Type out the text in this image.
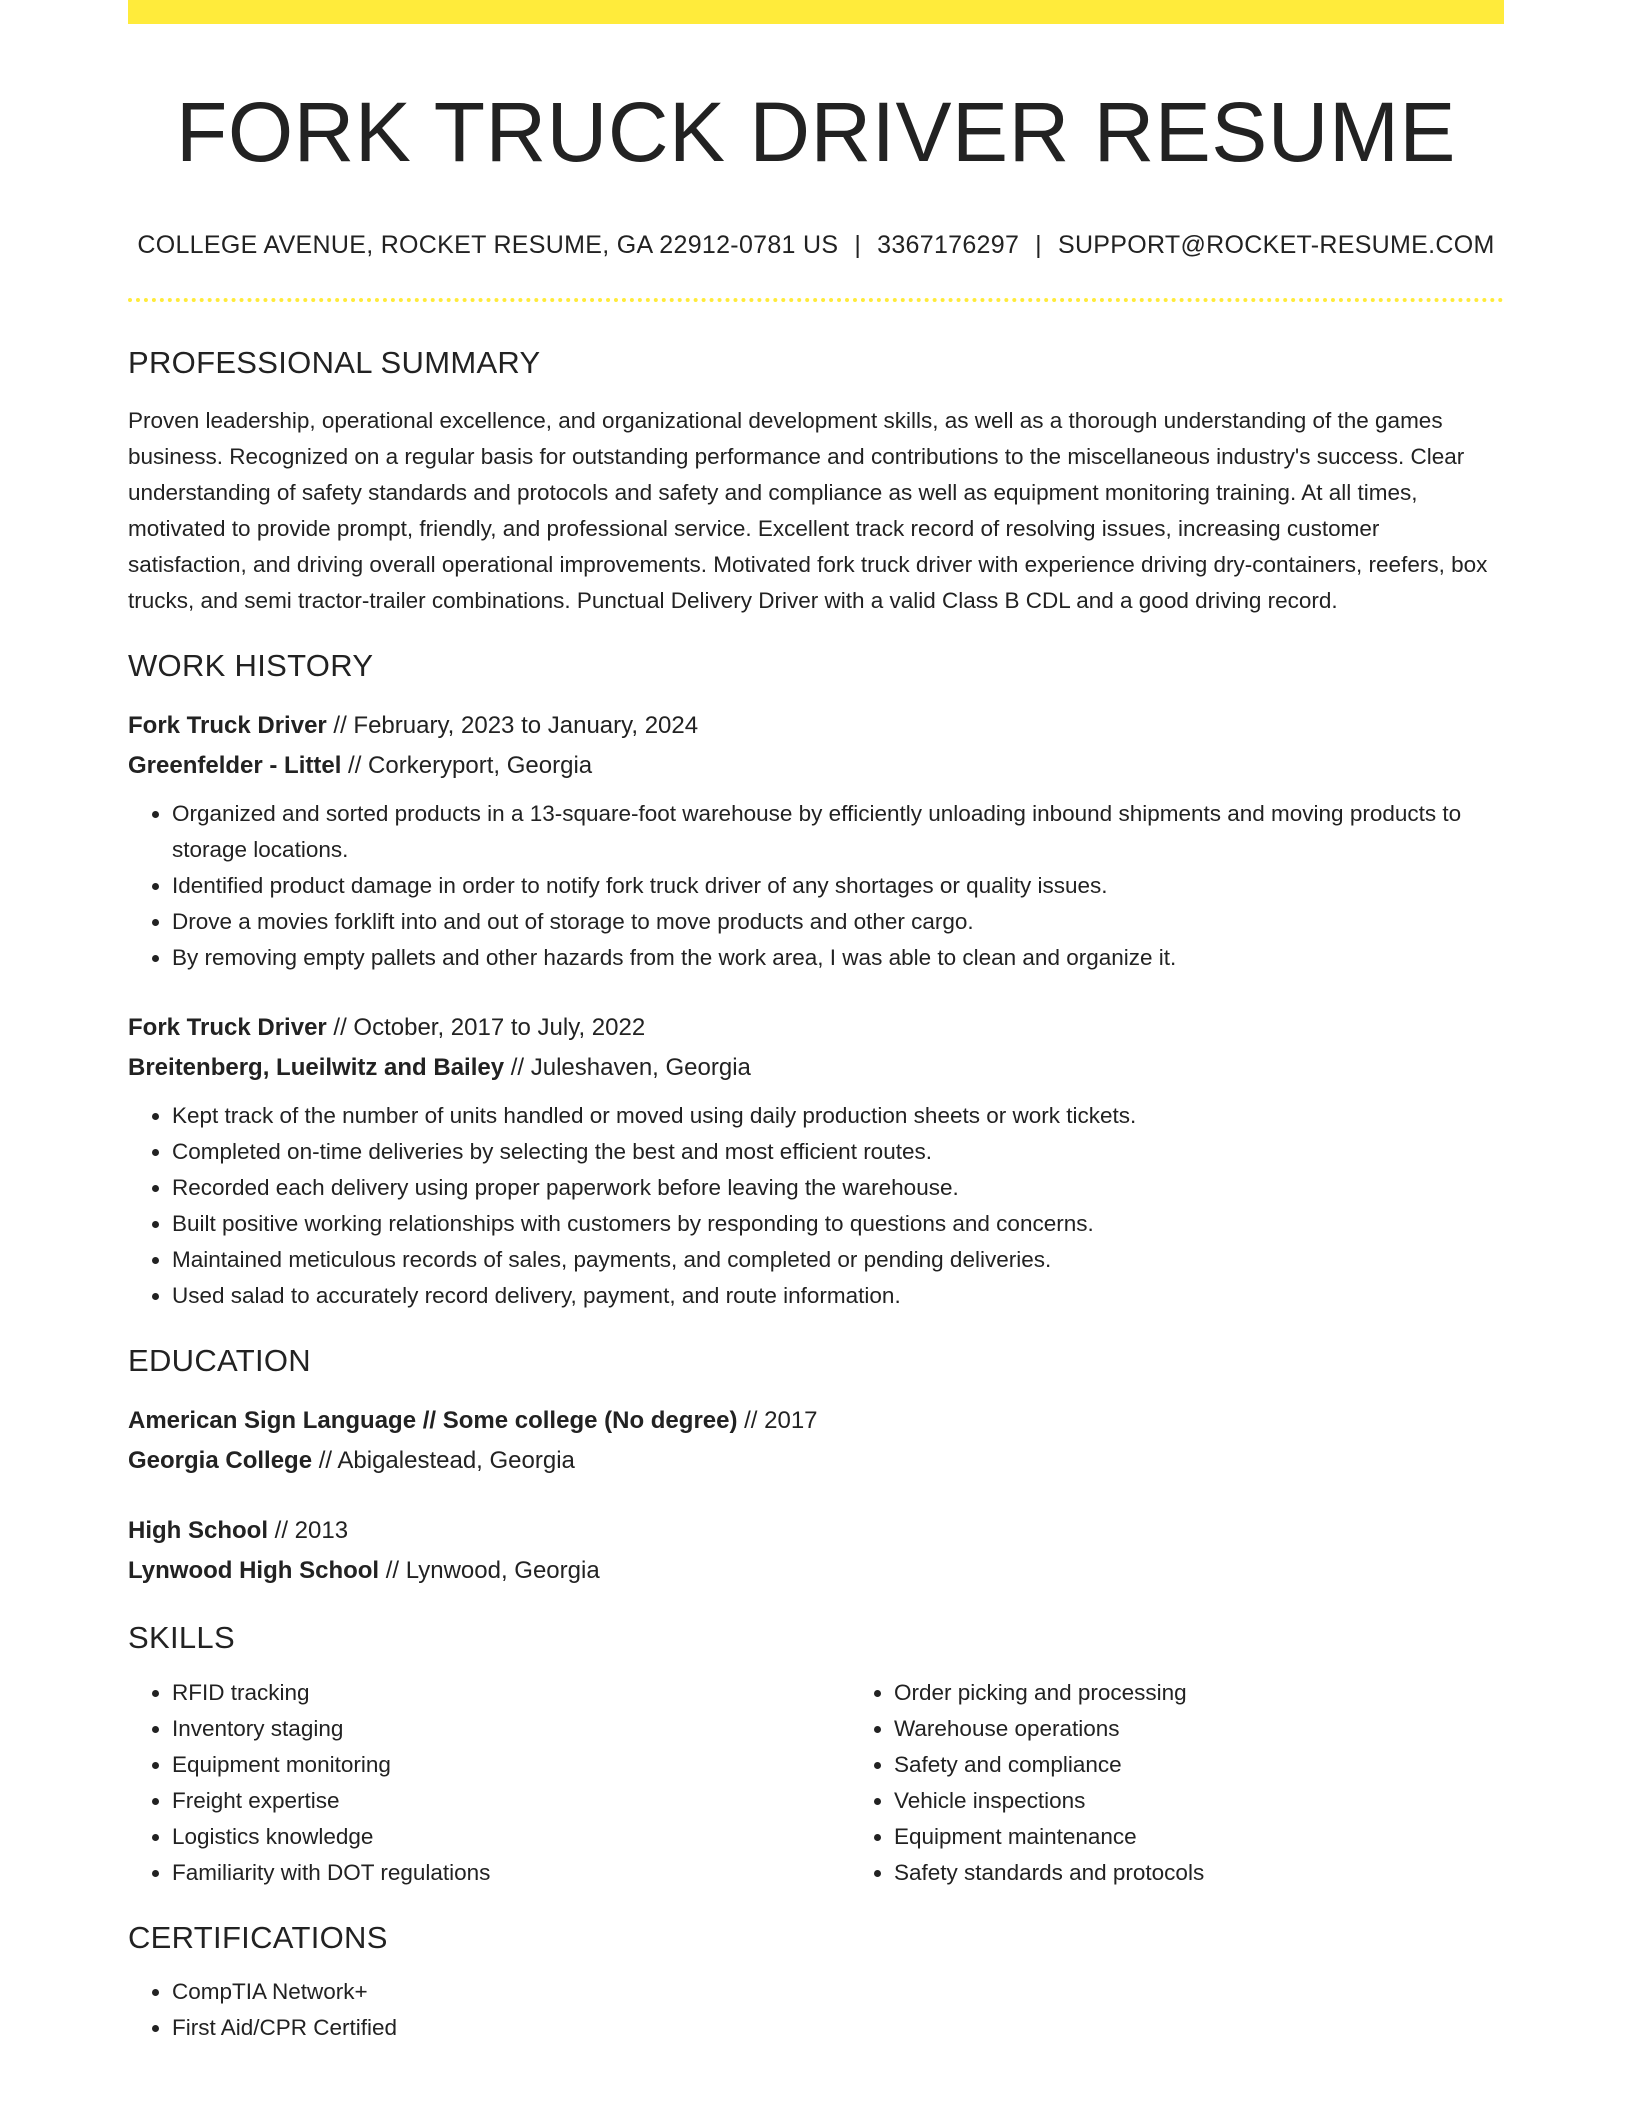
FORK TRUCK DRIVER RESUME
COLLEGE AVENUE, ROCKET RESUME, GA 22912-0781 US | 3367176297 | SUPPORT@ROCKET-RESUME.COM
PROFESSIONAL SUMMARY

Proven leadership, operational excellence, and organizational development skills, as well as a thorough understanding of the games business. Recognized on a regular basis for outstanding performance and contributions to the miscellaneous industry's success. Clear understanding of safety standards and protocols and safety and compliance as well as equipment monitoring training. At all times, motivated to provide prompt, friendly, and professional service. Excellent track record of resolving issues, increasing customer satisfaction, and driving overall operational improvements. Motivated fork truck driver with experience driving dry-containers, reefers, box trucks, and semi tractor-trailer combinations. Punctual Delivery Driver with a valid Class B CDL and a good driving record.

WORK HISTORY
Fork Truck Driver // February, 2023 to January, 2024
Greenfelder - Littel // Corkeryport, Georgia
• Organized and sorted products in a 13-square-foot warehouse by efficiently unloading inbound shipments and moving products to storage locations.
• Identified product damage in order to notify fork truck driver of any shortages or quality issues.
• Drove a movies forklift into and out of storage to move products and other cargo.
• By removing empty pallets and other hazards from the work area, I was able to clean and organize it.
Fork Truck Driver // October, 2017 to July, 2022
Breitenberg, Lueilwitz and Bailey // Juleshaven, Georgia
• Kept track of the number of units handled or moved using daily production sheets or work tickets.
• Completed on-time deliveries by selecting the best and most efficient routes.
• Recorded each delivery using proper paperwork before leaving the warehouse.
• Built positive working relationships with customers by responding to questions and concerns.
• Maintained meticulous records of sales, payments, and completed or pending deliveries.
• Used salad to accurately record delivery, payment, and route information.
EDUCATION
American Sign Language // Some college (No degree) // 2017
Georgia College // Abigalestead, Georgia
High School // 2013
Lynwood High School // Lynwood, Georgia
SKILLS
• RFID tracking
• Inventory staging
• Equipment monitoring
• Freight expertise
• Logistics knowledge
• Familiarity with DOT regulations
• Order picking and processing
• Warehouse operations
• Safety and compliance
• Vehicle inspections
• Equipment maintenance
• Safety standards and protocols
CERTIFICATIONS
• CompTIA Network+
• First Aid/CPR Certified
